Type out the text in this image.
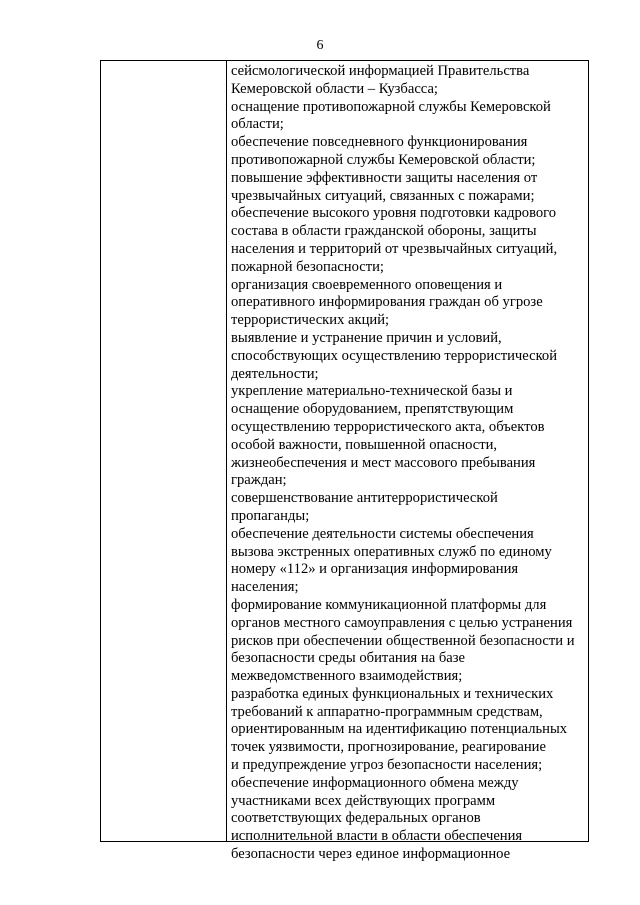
6
сейсмологической информацией Правительства
Кемеровской области – Кузбасса;
оснащение противопожарной службы Кемеровской
области;
обеспечение повседневного функционирования
противопожарной службы Кемеровской области;
повышение эффективности защиты населения от
чрезвычайных ситуаций, связанных с пожарами;
обеспечение высокого уровня подготовки кадрового
состава в области гражданской обороны, защиты
населения и территорий от чрезвычайных ситуаций,
пожарной безопасности;
организация своевременного оповещения и
оперативного информирования граждан об угрозе
террористических акций;
выявление и устранение причин и условий,
способствующих осуществлению террористической
деятельности;
укрепление материально-технической базы и
оснащение оборудованием, препятствующим
осуществлению террористического акта, объектов
особой важности, повышенной опасности,
жизнеобеспечения и мест массового пребывания
граждан;
совершенствование антитеррористической
пропаганды;
обеспечение деятельности системы обеспечения
вызова экстренных оперативных служб по единому
номеру «112» и организация информирования
населения;
формирование коммуникационной платформы для
органов местного самоуправления с целью устранения
рисков при обеспечении общественной безопасности и
безопасности среды обитания на базе
межведомственного взаимодействия;
разработка единых функциональных и технических
требований к аппаратно-программным средствам,
ориентированным на идентификацию потенциальных
точек уязвимости, прогнозирование, реагирование
и предупреждение угроз безопасности населения;
обеспечение информационного обмена между
участниками всех действующих программ
соответствующих федеральных органов
исполнительной власти в области обеспечения
безопасности через единое информационное
